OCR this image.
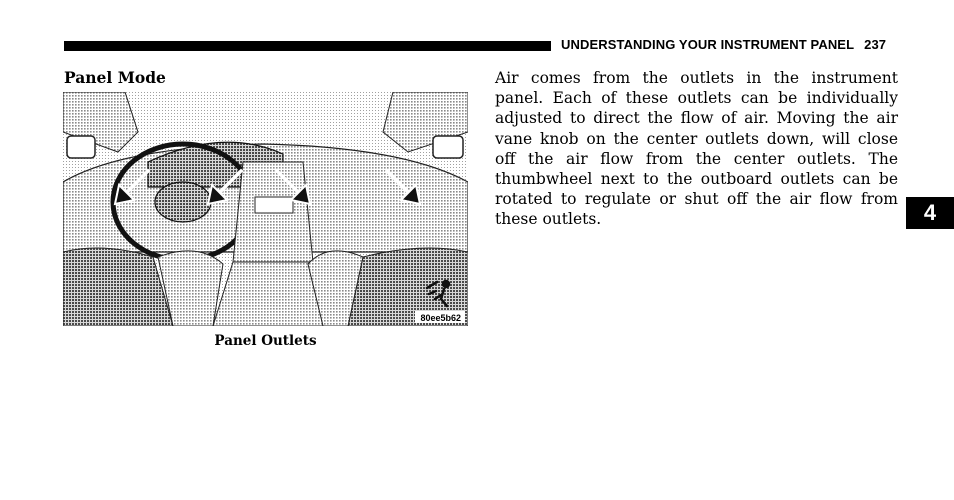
UNDERSTANDING YOUR INSTRUMENT PANEL 237
Panel Mode
80ee5b62
Panel Outlets

Air comes from the outlets in the instrument panel. Each of these outlets can be individually adjusted to direct the flow of air. Moving the air vane knob on the center outlets down, will close off the air flow from the center outlets. The thumbwheel next to the outboard outlets can be rotated to regulate or shut off the air flow from these outlets.	4
